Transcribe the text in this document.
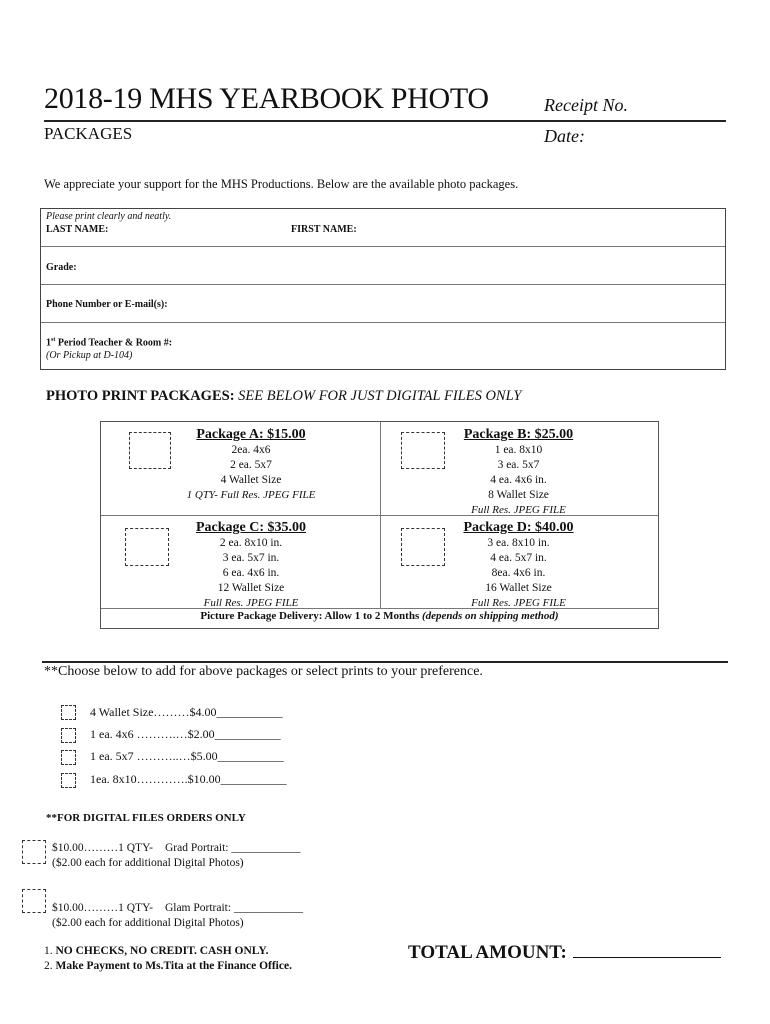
2018-19 MHS YEARBOOK PHOTO	Receipt No.
PACKAGES	Date:
We appreciate your support for the MHS Productions. Below are the available photo packages.
Please print clearly and neatly.
LAST NAME:	FIRST NAME:
Grade:
Phone Number or E-mail(s):
1st Period Teacher & Room #:
(Or Pickup at D-104)
PHOTO PRINT PACKAGES: SEE BELOW FOR JUST DIGITAL FILES ONLY
Package A: $15.00
2ea. 4x6
2 ea. 5x7
4 Wallet Size
1 QTY- Full Res. JPEG FILE
Package B: $25.00
1 ea. 8x10
3 ea. 5x7
4 ea. 4x6 in.
8 Wallet Size
Full Res. JPEG FILE
Package C: $35.00
2 ea. 8x10 in.
3 ea. 5x7 in.
6 ea. 4x6 in.
12 Wallet Size
Full Res. JPEG FILE
Package D: $40.00
3 ea. 8x10 in.
4 ea. 5x7 in.
8ea. 4x6 in.
16 Wallet Size
Full Res. JPEG FILE
Picture Package Delivery: Allow 1 to 2 Months (depends on shipping method)
**Choose below to add for above packages or select prints to your preference.
4 Wallet Size………$4.00___________
1 ea. 4x6 ……….…$2.00___________
1 ea. 5x7 ………..…$5.00___________
1ea. 8x10………….$10.00___________
**FOR DIGITAL FILES ORDERS ONLY
$10.00………1 QTY- Grad Portrait: ____________
($2.00 each for additional Digital Photos)
$10.00………1 QTY- Glam Portrait: ____________
($2.00 each for additional Digital Photos)
1. NO CHECKS, NO CREDIT. CASH ONLY.
2. Make Payment to Ms.Tita at the Finance Office.
TOTAL AMOUNT:
